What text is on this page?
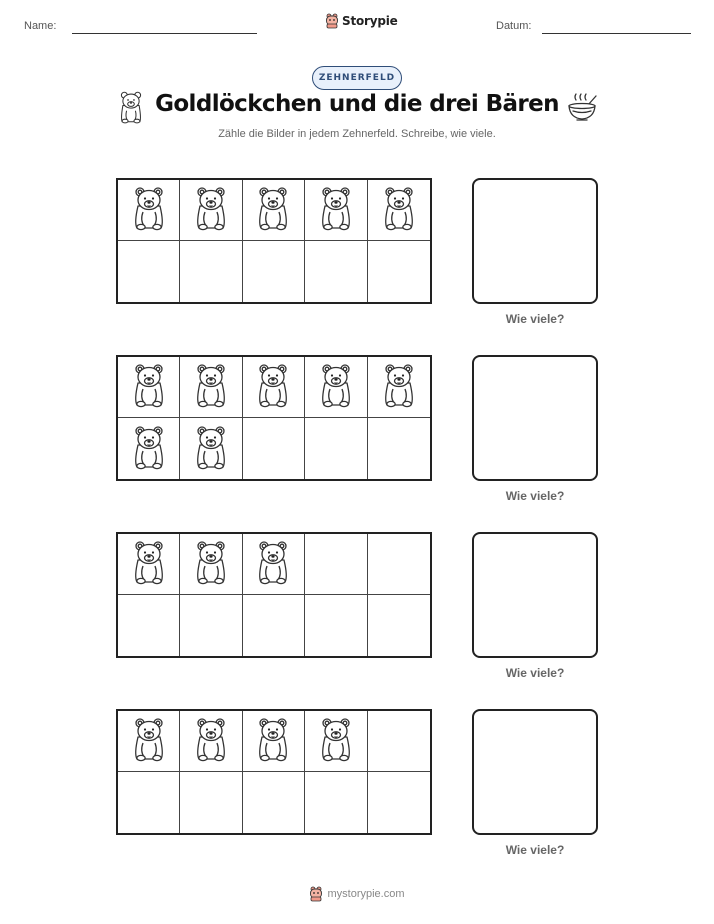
Name:	Storypie	Datum:
ZEHNERFELD
Goldlöckchen und die drei Bären
Zähle die Bilder in jedem Zehnerfeld. Schreibe, wie viele.
Wie viele?
Wie viele?
Wie viele?
Wie viele?
mystorypie.com
